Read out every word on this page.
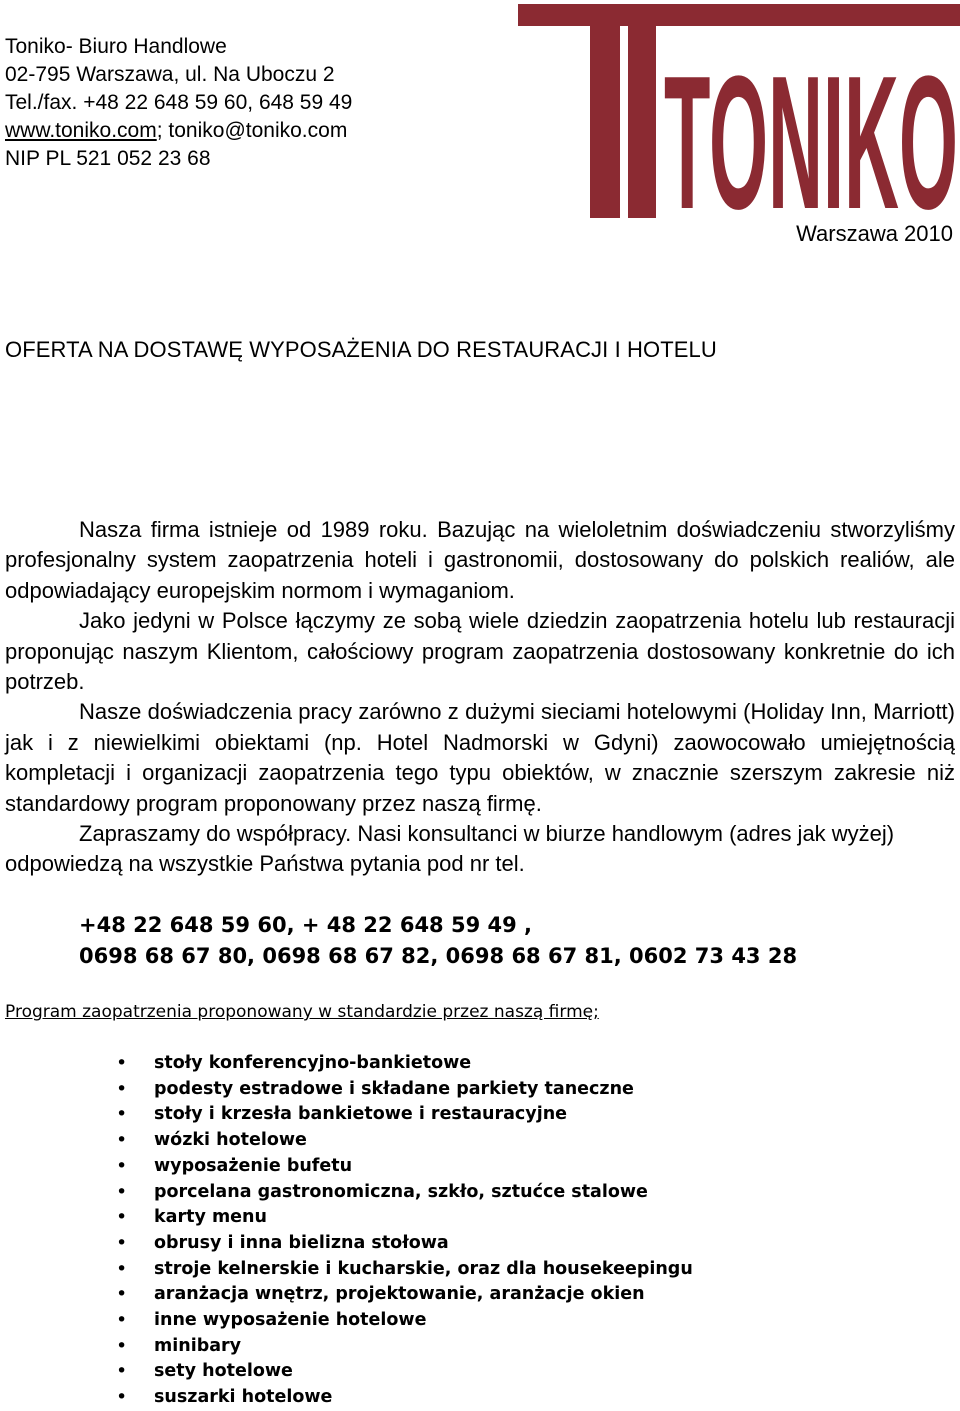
Toniko- Biuro Handlowe
02-795 Warszawa, ul. Na Uboczu 2
Tel./fax. +48 22 648 59 60, 648 59 49
www.toniko.com; toniko@toniko.com
NIP PL 521 052 23 68	TONIKO
Warszawa 2010
OFERTA NA DOSTAWĘ WYPOSAŻENIA DO RESTAURACJI I HOTELU

Nasza firma istnieje od 1989 roku. Bazując na wieloletnim doświadczeniu stworzyliśmy profesjonalny system zaopatrzenia hoteli i gastronomii, dostosowany do polskich realiów, ale odpowiadający europejskim normom i wymaganiom.

Jako jedyni w Polsce łączymy ze sobą wiele dziedzin zaopatrzenia hotelu lub restauracji proponując naszym Klientom, całościowy program zaopatrzenia dostosowany konkretnie do ich potrzeb.

Nasze doświadczenia pracy zarówno z dużymi sieciami hotelowymi (Holiday Inn, Marriott) jak i z niewielkimi obiektami (np. Hotel Nadmorski w Gdyni) zaowocowało umiejętnością kompletacji i organizacji zaopatrzenia tego typu obiektów, w znacznie szerszym zakresie niż standardowy program proponowany przez naszą firmę.

Zapraszamy do współpracy. Nasi konsultanci w biurze handlowym (adres jak wyżej) odpowiedzą na wszystkie Państwa pytania pod nr tel.

+48 22 648 59 60, + 48 22 648 59 49 ,
0698 68 67 80, 0698 68 67 82, 0698 68 67 81, 0602 73 43 28
Program zaopatrzenia proponowany w standardzie przez naszą firmę;
• stoły konferencyjno-bankietowe
• podesty estradowe i składane parkiety taneczne
• stoły i krzesła bankietowe i restauracyjne
• wózki hotelowe
• wyposażenie bufetu
• porcelana gastronomiczna, szkło, sztućce stalowe
• karty menu
• obrusy i inna bielizna stołowa
• stroje kelnerskie i kucharskie, oraz dla housekeepingu
• aranżacja wnętrz, projektowanie, aranżacje okien
• inne wyposażenie hotelowe
• minibary
• sety hotelowe
• suszarki hotelowe
